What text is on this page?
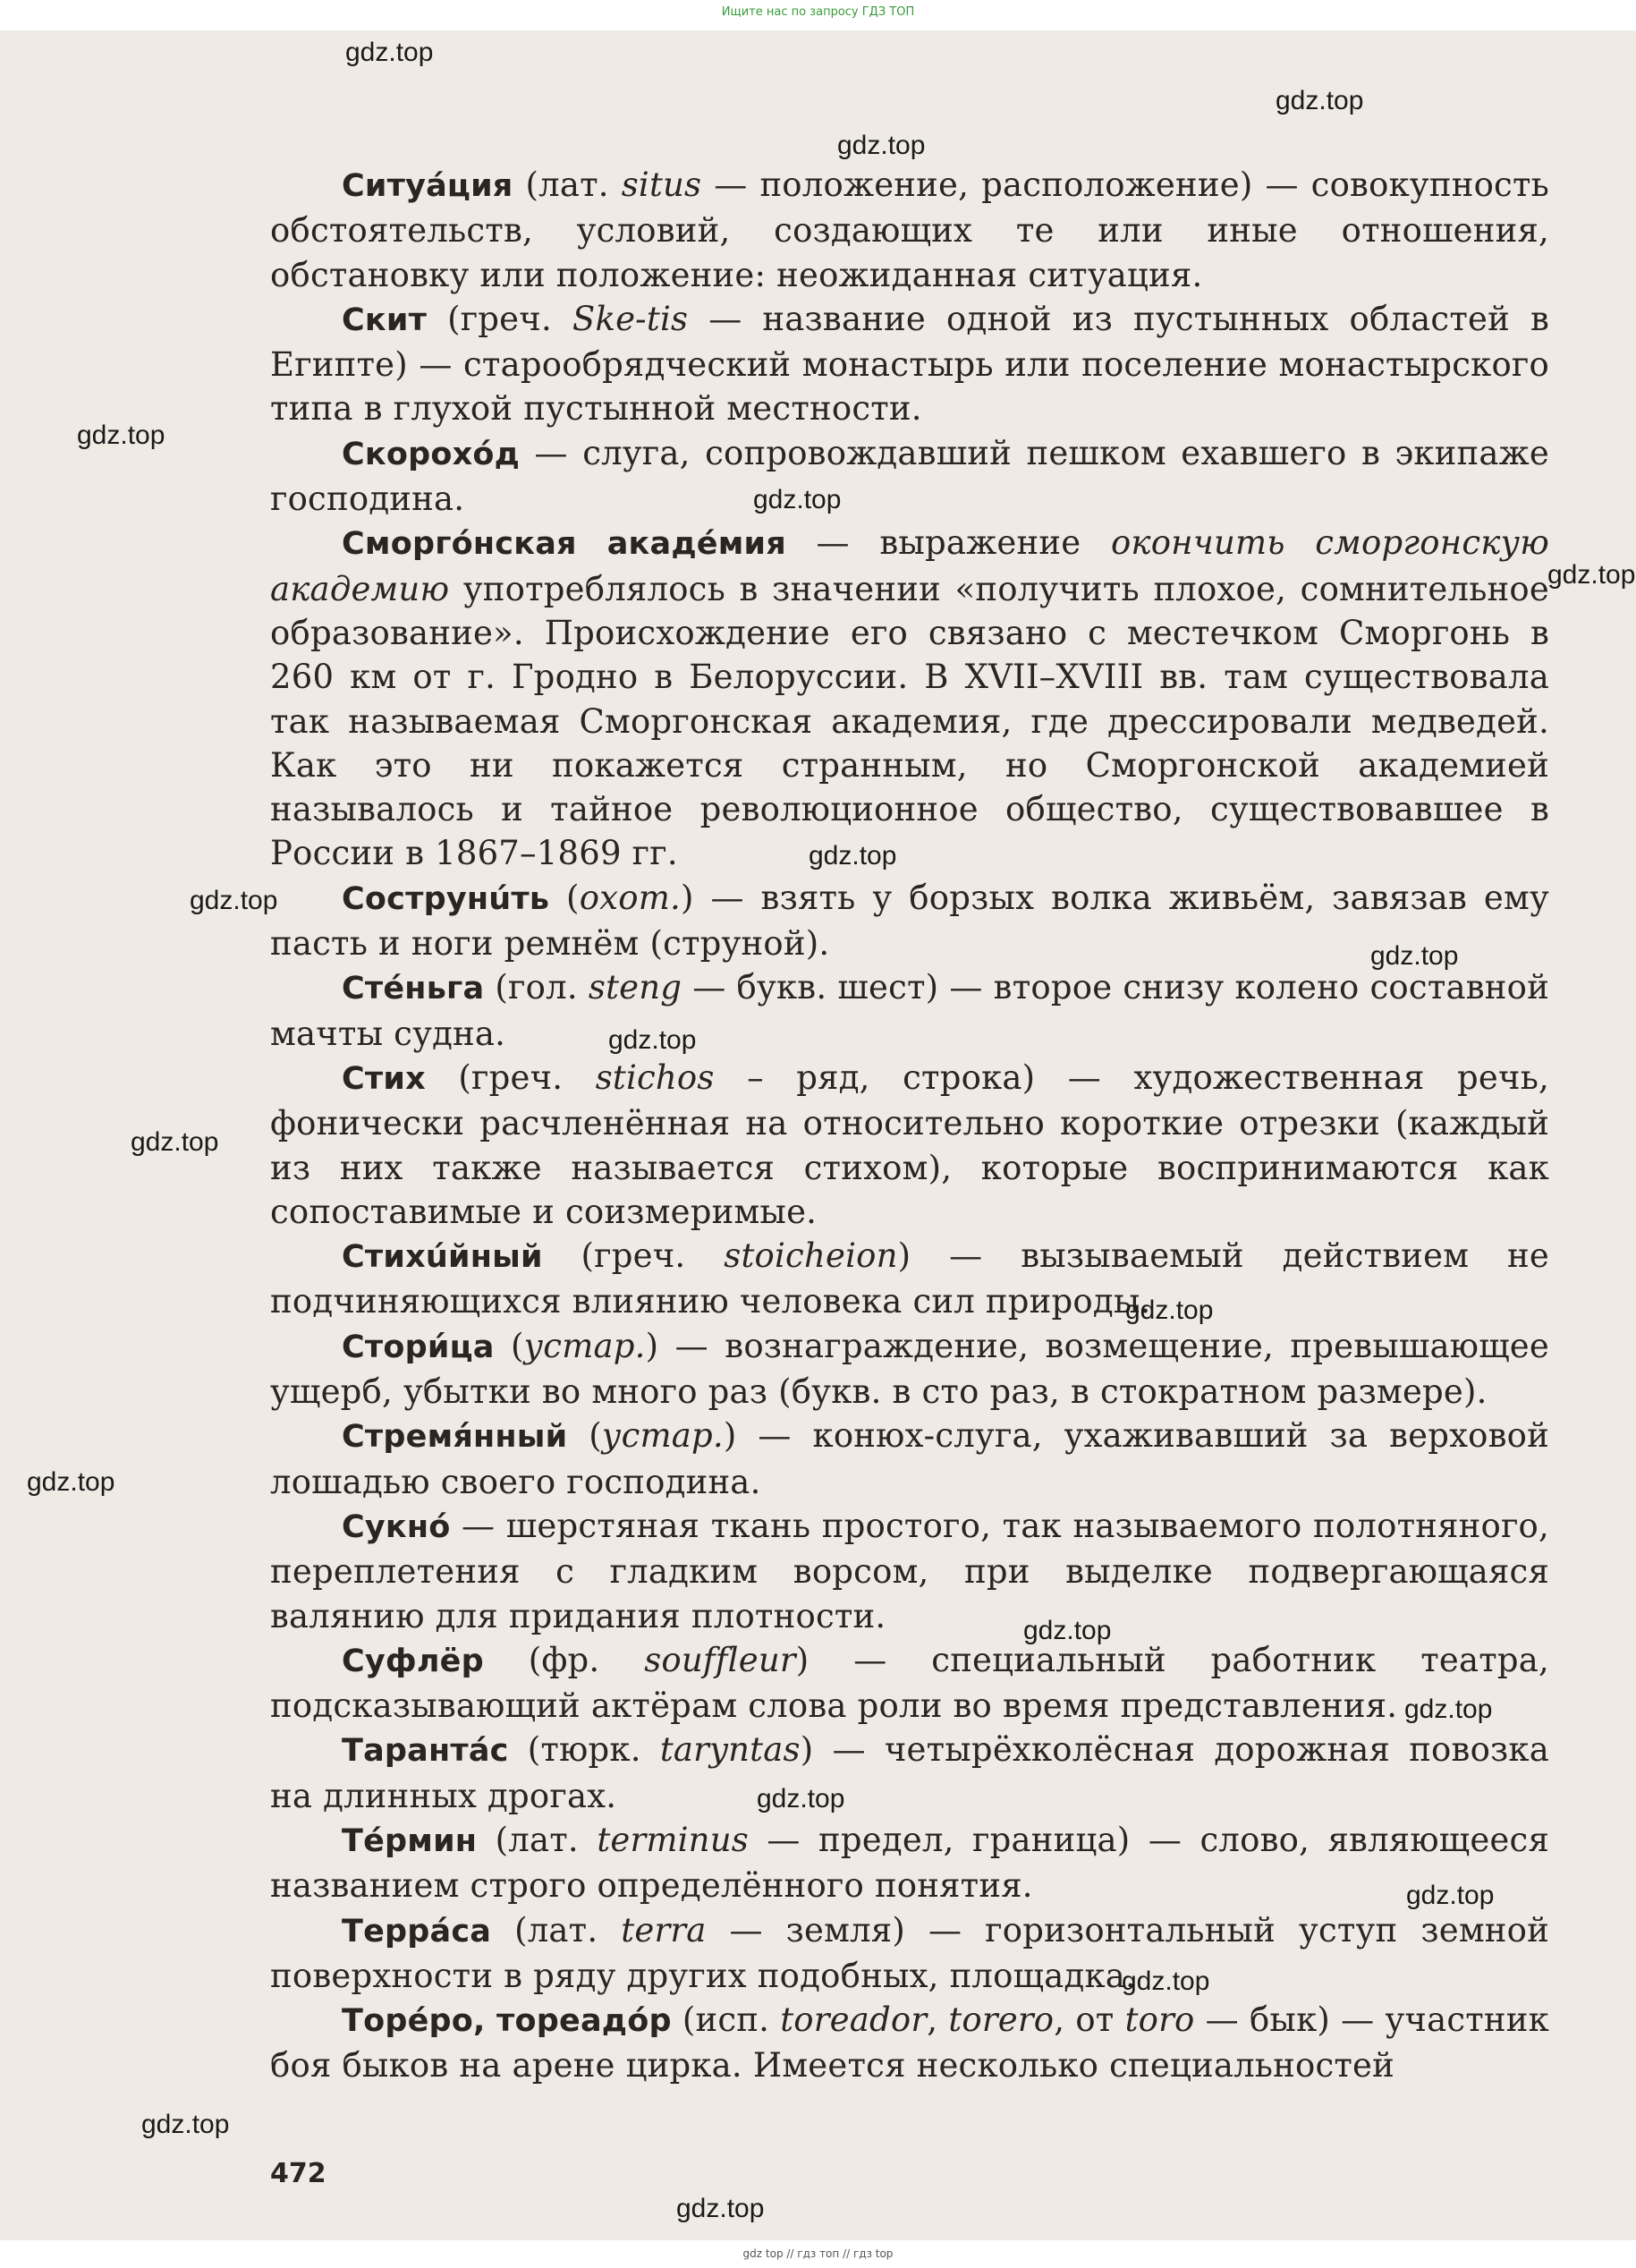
Ищите нас по запросу ГДЗ ТОП

Ситуáция (лат. situs — положение, расположение) — совокупность обстоятельств, условий, создающих те или иные отношения, обстановку или положение: неожиданная ситуация.

Скит (греч. Ske-tis — название одной из пустынных областей в Египте) — старообрядческий монастырь или поселение монастырского типа в глухой пустынной местности.

Скорохóд — слуга, сопровождавший пешком ехавшего в экипаже господина.

Сморгóнская акадéмия — выражение окончить сморгонскую академию употреблялось в значении «получить плохое, сомнительное образование». Происхождение его связано с местечком Сморгонь в 260 км от г. Гродно в Белоруссии. В XVII–XVIII вв. там существовала так называемая Сморгонская академия, где дрессировали медведей. Как это ни покажется странным, но Сморгонской академией называлось и тайное революционное общество, существовавшее в России в 1867–1869 гг.

Сострунúть (охот.) — взять у борзых волка живьём, завязав ему пасть и ноги ремнём (струной).

Стéньга (гол. steng — букв. шест) — второе снизу колено составной мачты судна.

Стих (греч. stichos – ряд, строка) — художественная речь, фонически расчленённая на относительно короткие отрезки (каждый из них также называется стихом), которые воспринимаются как сопоставимые и соизмеримые.

Стихúйный (греч. stoicheion) — вызываемый действием не подчиняющихся влиянию человека сил природы.

Стори́ца (устар.) — вознаграждение, возмещение, превышающее ущерб, убытки во много раз (букв. в сто раз, в стократном размере).

Стремя́нный (устар.) — конюх-слуга, ухаживавший за верховой лошадью своего господина.

Сукнó — шерстяная ткань простого, так называемого полотняного, переплетения с гладким ворсом, при выделке подвергающаяся валянию для придания плотности.

Суфлёр (фр. souffleur) — специальный работник театра, подсказывающий актёрам слова роли во время представления.

Тарантáс (тюрк. taryntas) — четырёхколёсная дорожная повозка на длинных дрогах.

Тéрмин (лат. terminus — предел, граница) — слово, являющееся названием строго определённого понятия.

Террáса (лат. terra — земля) — горизонтальный уступ земной поверхности в ряду других подобных, площадка.

Торéро, тореадóр (исп. toreador, torero, от toro — бык) — участник боя быков на арене цирка. Имеется несколько специальностей

472
gdz.top
gdz.top
gdz.top
gdz.top
gdz.top
gdz.top
gdz.top
gdz.top
gdz.top
gdz.top
gdz.top
gdz.top
gdz.top
gdz.top
gdz.top
gdz.top
gdz.top
gdz.top
gdz.top
gdz.top
gdz top // гдз топ // гдз top
